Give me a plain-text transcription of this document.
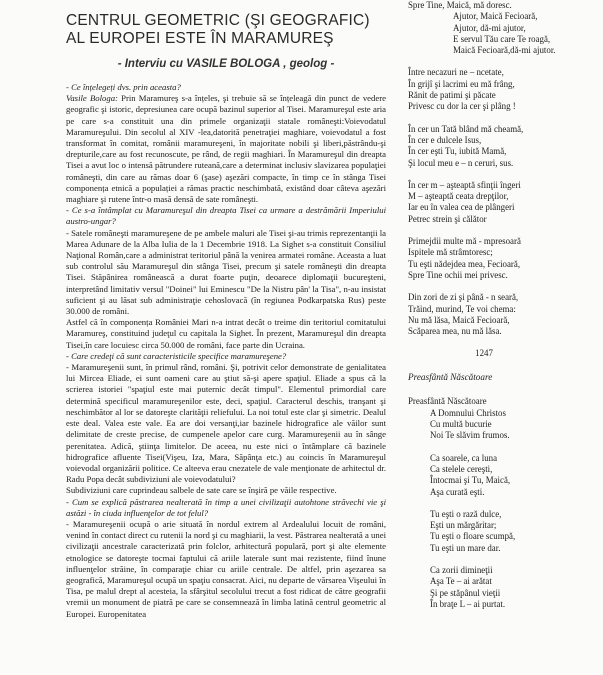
CENTRUL GEOMETRIC (ŞI GEOGRAFIC) AL EUROPEI ESTE ÎN MARAMUREŞ
- Interviu cu VASILE BOLOGA , geolog -

- Ce înțelegeți dvs. prin aceasta?

Vasile Bologa: Prin Maramureş s-a înțeles, şi trebuie să se înțeleagă din punct de vedere geografic şi istoric, depresiunea care ocupă bazinul superior al Tisei. Maramureşul este aria pe care s-a constituit una din primele organizaţii statale româneşti:Voievodatul Maramureşului. Din secolul al XIV -lea,datorită penetraţiei maghiare, voievodatul a fost transformat în comitat, românii maramureşeni, în majoritate nobili şi liberi,păstrându-şi drepturile,care au fost recunoscute, pe rând, de regii maghiari. În Maramureşul din dreapta Tisei a avut loc o intensă pătrundere ruteană,care a determinat inclusiv slavizarea populaţiei româneşti, din care au rămas doar 6 (şase) aşezări compacte, în timp ce în stânga Tisei componența etnică a populației a rămas practic neschimbată, existând doar câteva aşezări maghiare şi rutene într-o masă densă de sate româneşti.

- Ce s-a întâmplat cu Maramureşul din dreapta Tisei ca urmare a destrămării Imperiului austro-ungar?

- Satele româneşti maramureşene de pe ambele maluri ale Tisei şi-au trimis reprezentanţii la Marea Adunare de la Alba Iulia de la 1 Decembrie 1918. La Sighet s-a constituit Consiliul Naţional Român,care a administrat teritoriul până la venirea armatei române. Aceasta a luat sub controlul său Maramureşul din stânga Tisei, precum şi satele româneşti din dreapta Tisei. Stăpânirea românească a durat foarte puţin, deoarece diplomaţii bucureşteni, interpretând limitativ versul "Doinei" lui Eminescu "De la Nistru pân' la Tisa", n-au insistat suficient şi au lăsat sub administraţie cehoslovacă (în regiunea Podkarpatska Rus) peste 30.000 de români.

Astfel că în componența României Mari n-a intrat decât o treime din teritoriul comitatului Maramureş, constituind judeţul cu capitala la Sighet. În prezent, Maramureşul din dreapta Tisei,în care locuiesc circa 50.000 de români, face parte din Ucraina.

- Care credeţi că sunt caracteristicile specifice maramureşene?

- Maramureşenii sunt, în primul rând, români. Şi, potrivit celor demonstrate de genialitatea lui Mircea Eliade, ei sunt oameni care au ştiut să-şi apere spaţiul. Eliade a spus că la scrierea istoriei "spaţiul este mai puternic decât timpul". Elementul primordial care determină specificul maramureşenilor este, deci, spaţiul. Caracterul deschis, tranşant şi neschimbător al lor se datoreşte clarităţii reliefului. La noi totul este clar şi simetric. Dealul este deal. Valea este vale. Ea are doi versanţi,iar bazinele hidrografice ale văilor sunt delimitate de creste precise, de cumpenele apelor care curg. Maramureşenii au în sânge perenitatea. Adică, ştiinţa limitelor. De aceea, nu este nici o întâmplare că bazinele hidrografice afluente Tisei(Vişeu, Iza, Mara, Săpânţa etc.) au coincis în Maramureşul voievodal organizării politice. Ce alteeva erau cnezatele de vale menţionate de arhitectul dr. Radu Popa decât subdiviziuni ale voievodatului?

Subdiviziuni care cuprindeau salbele de sate care se înşiră pe văile respective.

- Cum se explică păstrarea nealterată în timp a unei civilizaţii autohtone străvechi vie şi astăzi - în ciuda influenţelor de tot felul?

- Maramureşenii ocupă o arie situată în nordul extrem al Ardealului locuit de români, venind în contact direct cu rutenii la nord şi cu maghiarii, la vest. Păstrarea nealterată a unei civilizaţii ancestrale caracterizată prin folclor, arhitectură populară, port şi alte elemente etnologice se datoreşte tocmai faptului că ariile laterale sunt mai rezistente, fiind înune influenţelor străine, în comparaţie chiar cu ariile centrale. De altfel, prin aşezarea sa geografică, Maramureşul ocupă un spaţiu consacrat. Aici, nu departe de vărsarea Vişeului în Tisa, pe malul drept al acesteia, la sfârşitul secolului trecut a fost ridicat de către geografii vremii un monument de piatră pe care se consemnează în limba latină centrul geometric al Europei. Europenitatea

Spre Tine, Maică, mă doresc.
Ajutor, Maică Fecioară,
Ajutor, dă-mi ajutor,
E servul Tău care Te roagă,
Maică Fecioară,dă-mi ajutor.
Între necazuri ne – ncetate,
În grijî şi lacrimi eu mă frâng,
Rănit de patimi şi păcate
Privesc cu dor la cer şi plâng !
În cer un Tată blând mă cheamă,
În cer e dulcele Isus,
În cer eşti Tu, iubită Mamă,
Şi locul meu e – n ceruri, sus.
În cer m – aşteaptă sfinţii îngeri
M – aşteaptă ceata drepţilor,
Iar eu în valea cea de plângeri
Petrec strein şi călător
Primejdii multe mă - mpresoară
Ispitele mă strâmtoresc;
Tu eşti nădejdea mea, Fecioară,
Spre Tine ochii mei privesc.
Din zori de zi şi până - n seară,
Trăind, murind, Te voi chema:
Nu mă lăsa, Maică Fecioară,
Scăparea mea, nu mă lăsa.
1247
Preasfântă Născătoare
Preasfântă Născătoare
A Domnului Christos
Cu multă bucurie
Noi Te slăvim frumos.
Ca soarele, ca luna
Ca stelele cereşti,
Întocmai şi Tu, Maică,
Aşa curată eşti.
Tu eşti o rază dulce,
Eşti un mărgăritar;
Tu eşti o floare scumpă,
Tu eşti un mare dar.
Ca zorii dimineţii
Aşa Te – ai arătat
Şi pe stăpânul vieţii
În braţe L – ai purtat.
